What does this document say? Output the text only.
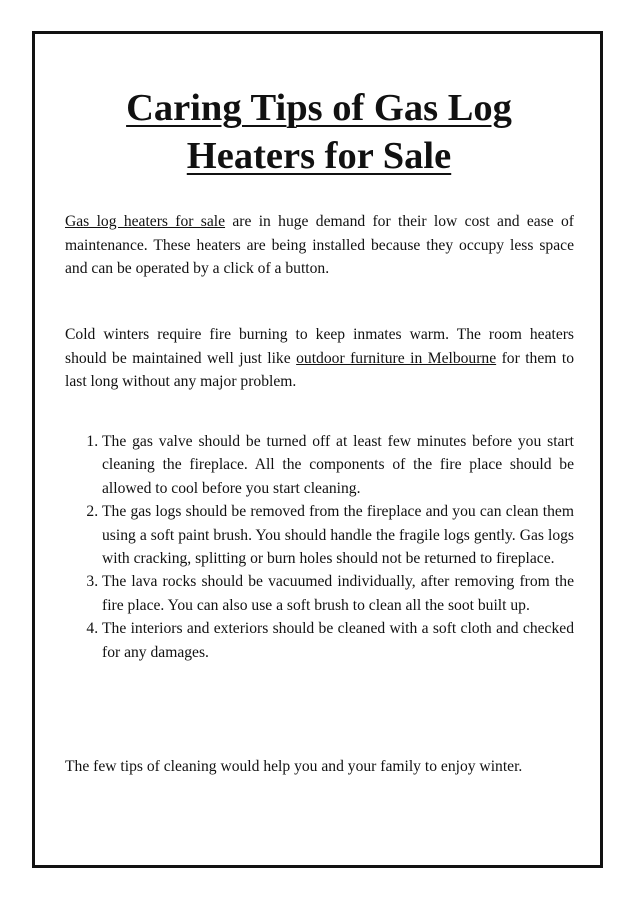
Caring Tips of Gas Log Heaters for Sale

Gas log heaters for sale are in huge demand for their low cost and ease of maintenance. These heaters are being installed because they occupy less space and can be operated by a click of a button.

Cold winters require fire burning to keep inmates warm. The room heaters should be maintained well just like outdoor furniture in Melbourne for them to last long without any major problem.

1. The gas valve should be turned off at least few minutes before you start cleaning the fireplace. All the components of the fire place should be allowed to cool before you start cleaning.
2. The gas logs should be removed from the fireplace and you can clean them using a soft paint brush. You should handle the fragile logs gently. Gas logs with cracking, splitting or burn holes should not be returned to fireplace.
3. The lava rocks should be vacuumed individually, after removing from the fire place. You can also use a soft brush to clean all the soot built up.
4. The interiors and exteriors should be cleaned with a soft cloth and checked for any damages.

The few tips of cleaning would help you and your family to enjoy winter.
